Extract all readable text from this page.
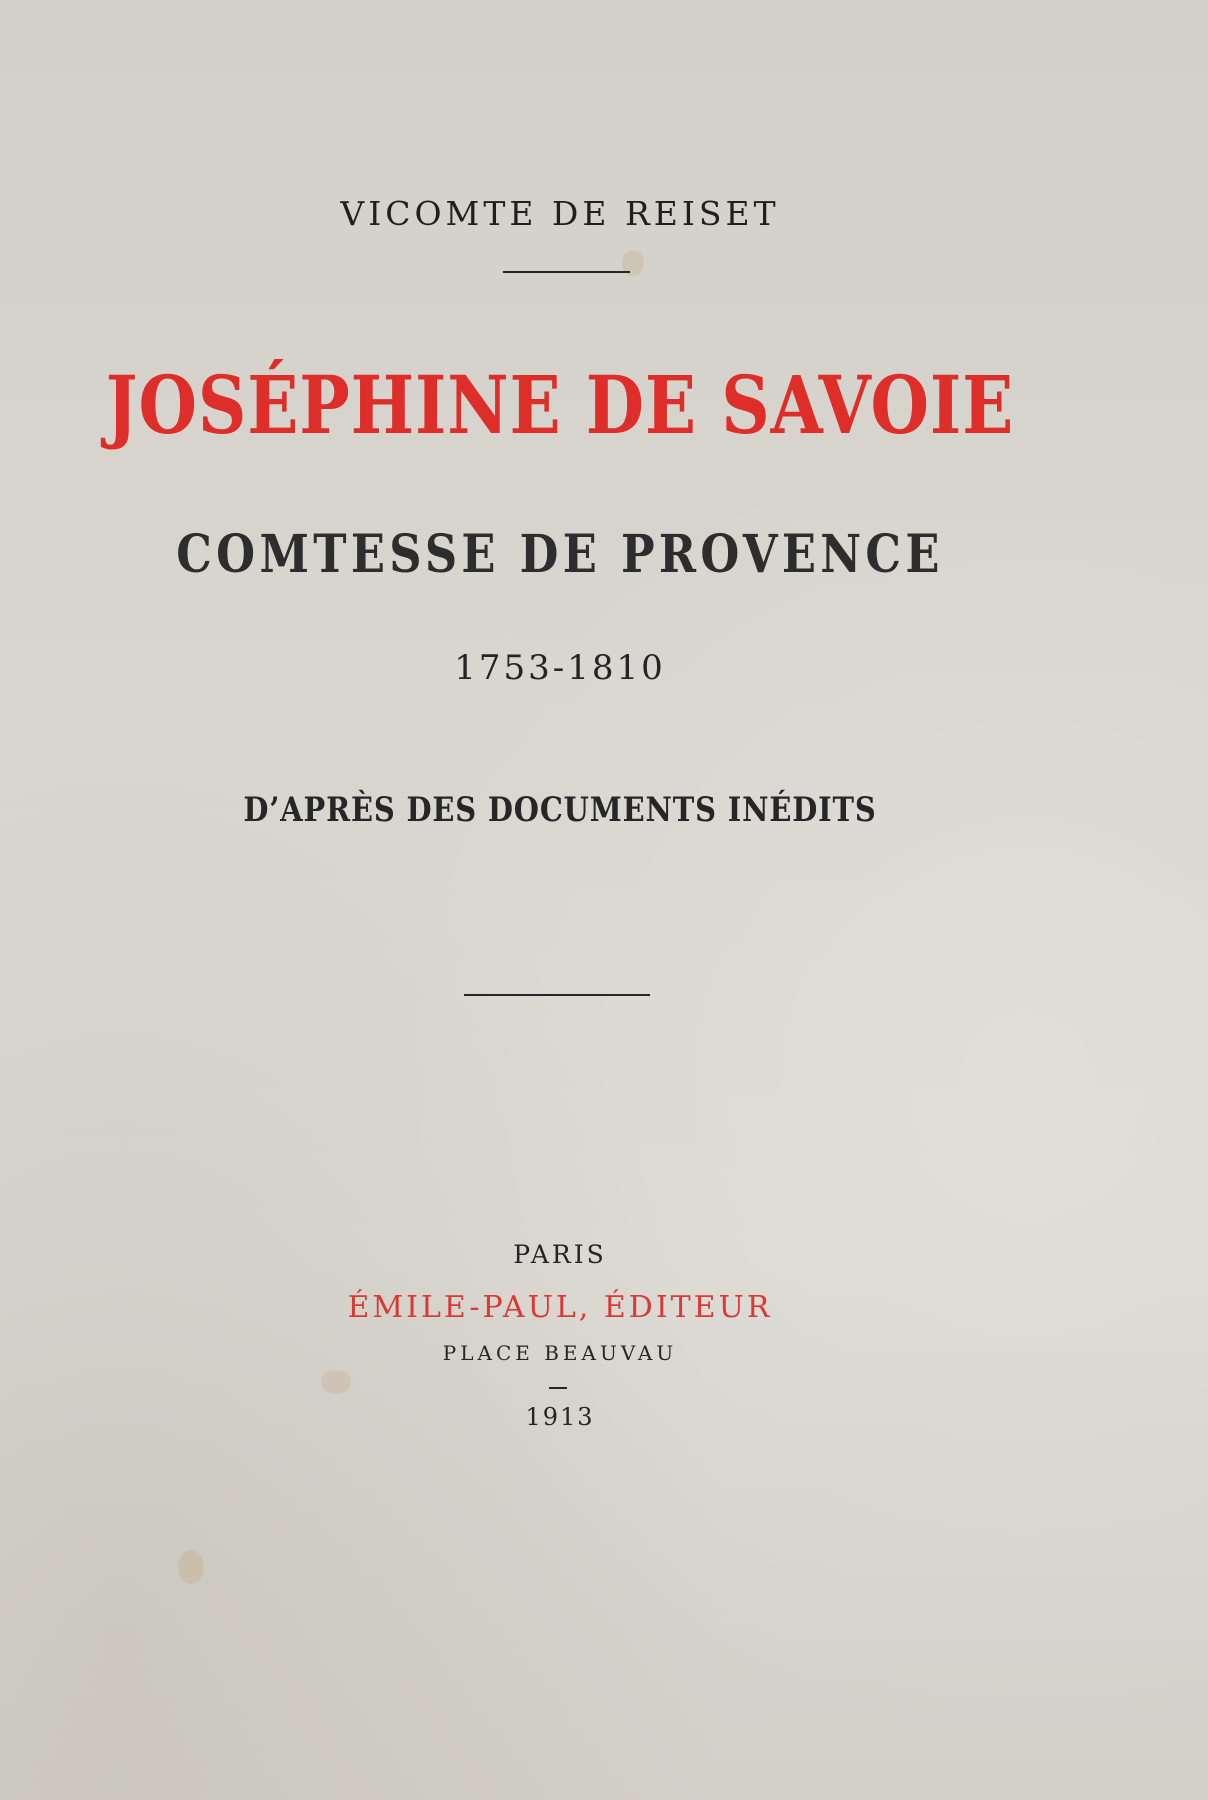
VICOMTE DE REISET
JOSÉPHINE DE SAVOIE
COMTESSE DE PROVENCE
1753-1810
D’APRÈS DES DOCUMENTS INÉDITS
PARIS
ÉMILE-PAUL, ÉDITEUR
PLACE BEAUVAU
1913
